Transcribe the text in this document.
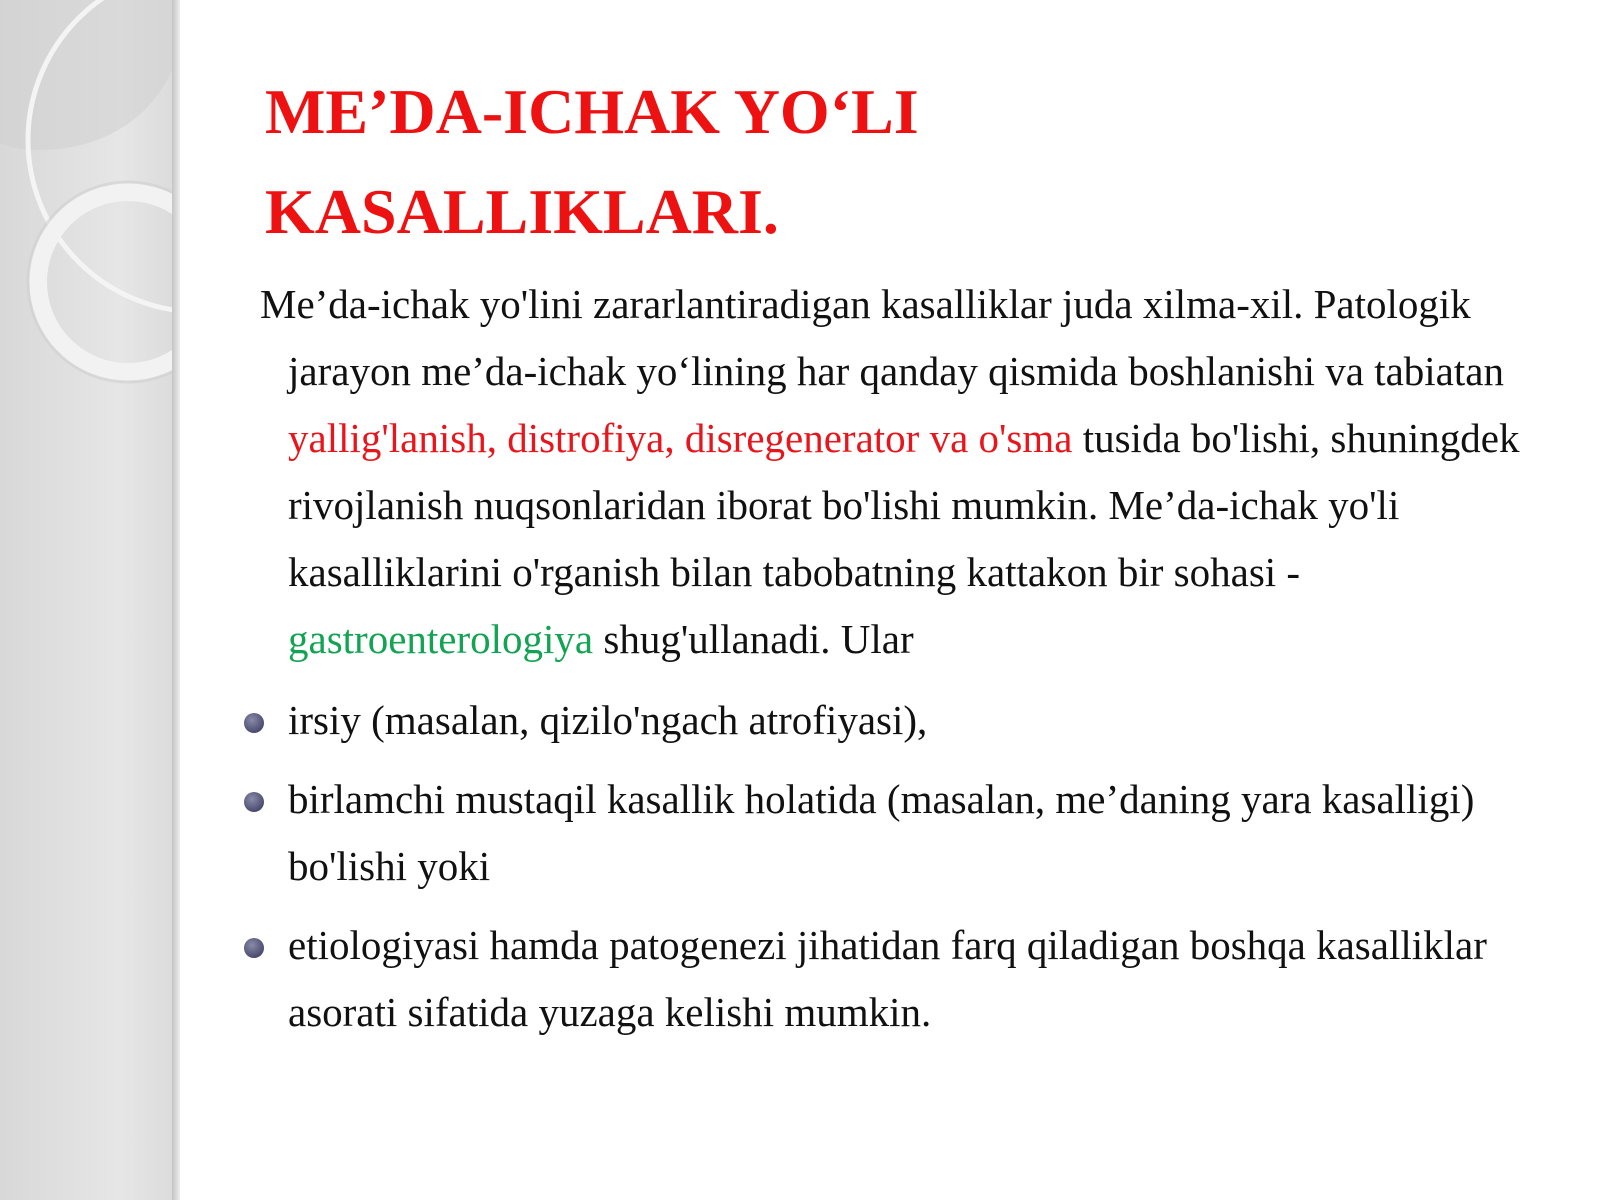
ME’DA-ICHAK YO‘LI
KASALLIKLARI.

Me’da-ichak yo'lini zararlantiradigan kasalliklar juda xilma-xil. Patologik jarayon me’da-ichak yo‘lining har qanday qismida boshlanishi va tabiatan yallig'lanish, distrofiya, disregenerator va o'sma tusida bo'lishi, shuningdek rivojlanish nuqsonlaridan iborat bo'lishi mumkin. Me’da-ichak yo'li kasalliklarini o'rganish bilan tabobatning kattakon bir sohasi - gastroenterologiya shug'ullanadi. Ular

irsiy (masalan, qizilo'ngach atrofiyasi),
birlamchi mustaqil kasallik holatida (masalan, me’daning yara kasalligi) bo'lishi yoki
etiologiyasi hamda patogenezi jihatidan farq qiladigan boshqa kasalliklar asorati sifatida yuzaga kelishi mumkin.
